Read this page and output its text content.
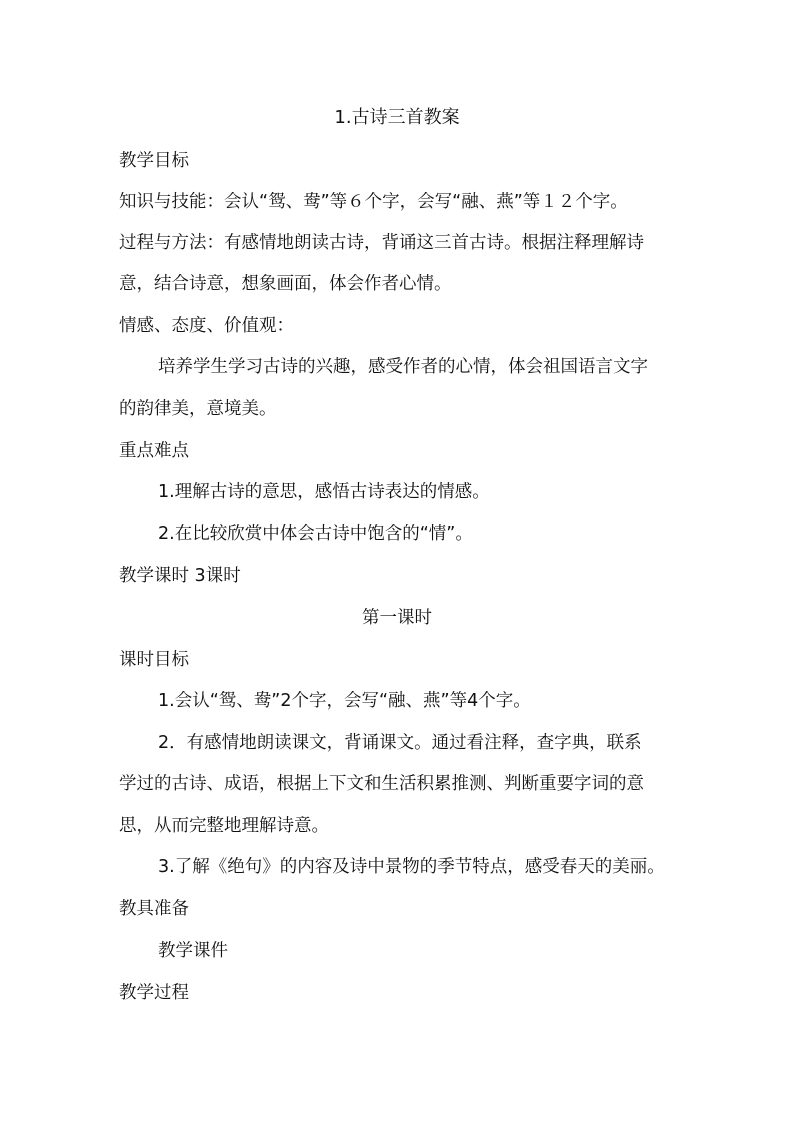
1.古诗三首教案
教学目标
知识与技能：会认“鸳、鸯”等６个字，会写“融、燕”等１２个字。
过程与方法：有感情地朗读古诗，背诵这三首古诗。根据注释理解诗
意，结合诗意，想象画面，体会作者心情。
情感、态度、价值观：
培养学生学习古诗的兴趣，感受作者的心情，体会祖国语言文字
的韵律美，意境美。
重点难点
1.理解古诗的意思，感悟古诗表达的情感。
2.在比较欣赏中体会古诗中饱含的“情”。
教学课时 3课时
第一课时
课时目标
1.会认“鸳、鸯”2个字，会写“融、燕”等4个字。
2．有感情地朗读课文，背诵课文。通过看注释，查字典，联系
学过的古诗、成语，根据上下文和生活积累推测、判断重要字词的意
思，从而完整地理解诗意。
3.了解《绝句》的内容及诗中景物的季节特点，感受春天的美丽。
教具准备
教学课件
教学过程
